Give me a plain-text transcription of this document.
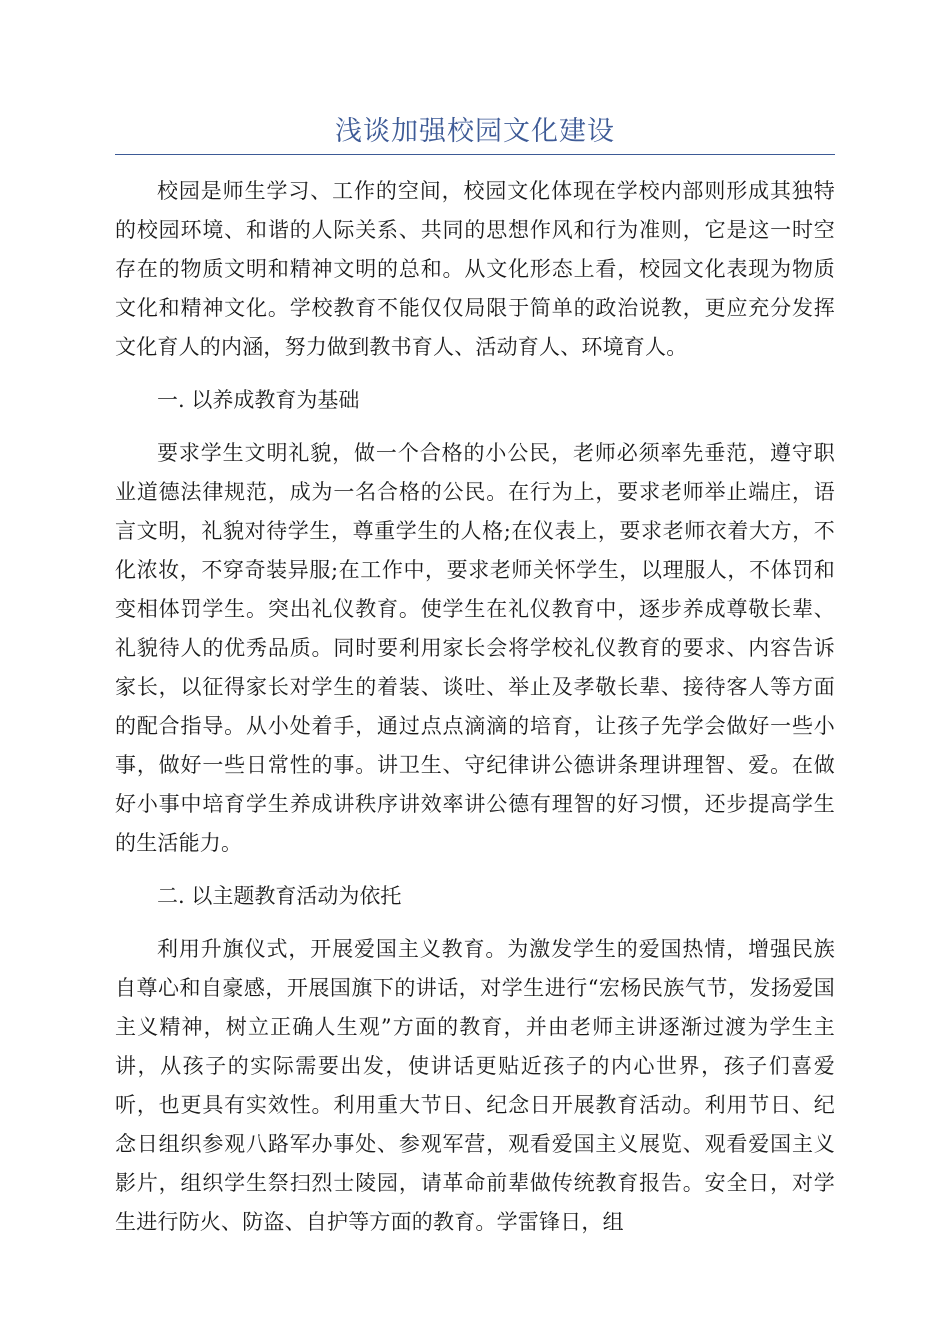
浅谈加强校园文化建设

校园是师生学习、工作的空间，校园文化体现在学校内部则形成其独特的校园环境、和谐的人际关系、共同的思想作风和行为准则，它是这一时空存在的物质文明和精神文明的总和。从文化形态上看，校园文化表现为物质文化和精神文化。学校教育不能仅仅局限于简单的政治说教，更应充分发挥文化育人的内涵，努力做到教书育人、活动育人、环境育人。

一. 以养成教育为基础

要求学生文明礼貌，做一个合格的小公民，老师必须率先垂范，遵守职业道德法律规范，成为一名合格的公民。在行为上，要求老师举止端庄，语言文明，礼貌对待学生，尊重学生的人格;在仪表上，要求老师衣着大方，不化浓妆，不穿奇装异服;在工作中，要求老师关怀学生，以理服人，不体罚和变相体罚学生。突出礼仪教育。使学生在礼仪教育中，逐步养成尊敬长辈、礼貌待人的优秀品质。同时要利用家长会将学校礼仪教育的要求、内容告诉家长，以征得家长对学生的着装、谈吐、举止及孝敬长辈、接待客人等方面的配合指导。从小处着手，通过点点滴滴的培育，让孩子先学会做好一些小事，做好一些日常性的事。讲卫生、守纪律讲公德讲条理讲理智、爱。在做好小事中培育学生养成讲秩序讲效率讲公德有理智的好习惯，还步提高学生的生活能力。

二. 以主题教育活动为依托

利用升旗仪式，开展爱国主义教育。为激发学生的爱国热情，增强民族自尊心和自豪感，开展国旗下的讲话，对学生进行“宏杨民族气节，发扬爱国主义精神，树立正确人生观”方面的教育，并由老师主讲逐渐过渡为学生主讲，从孩子的实际需要出发，使讲话更贴近孩子的内心世界，孩子们喜爱听，也更具有实效性。利用重大节日、纪念日开展教育活动。利用节日、纪念日组织参观八路军办事处、参观军营，观看爱国主义展览、观看爱国主义影片，组织学生祭扫烈士陵园，请革命前辈做传统教育报告。安全日，对学生进行防火、防盗、自护等方面的教育。学雷锋日，组
